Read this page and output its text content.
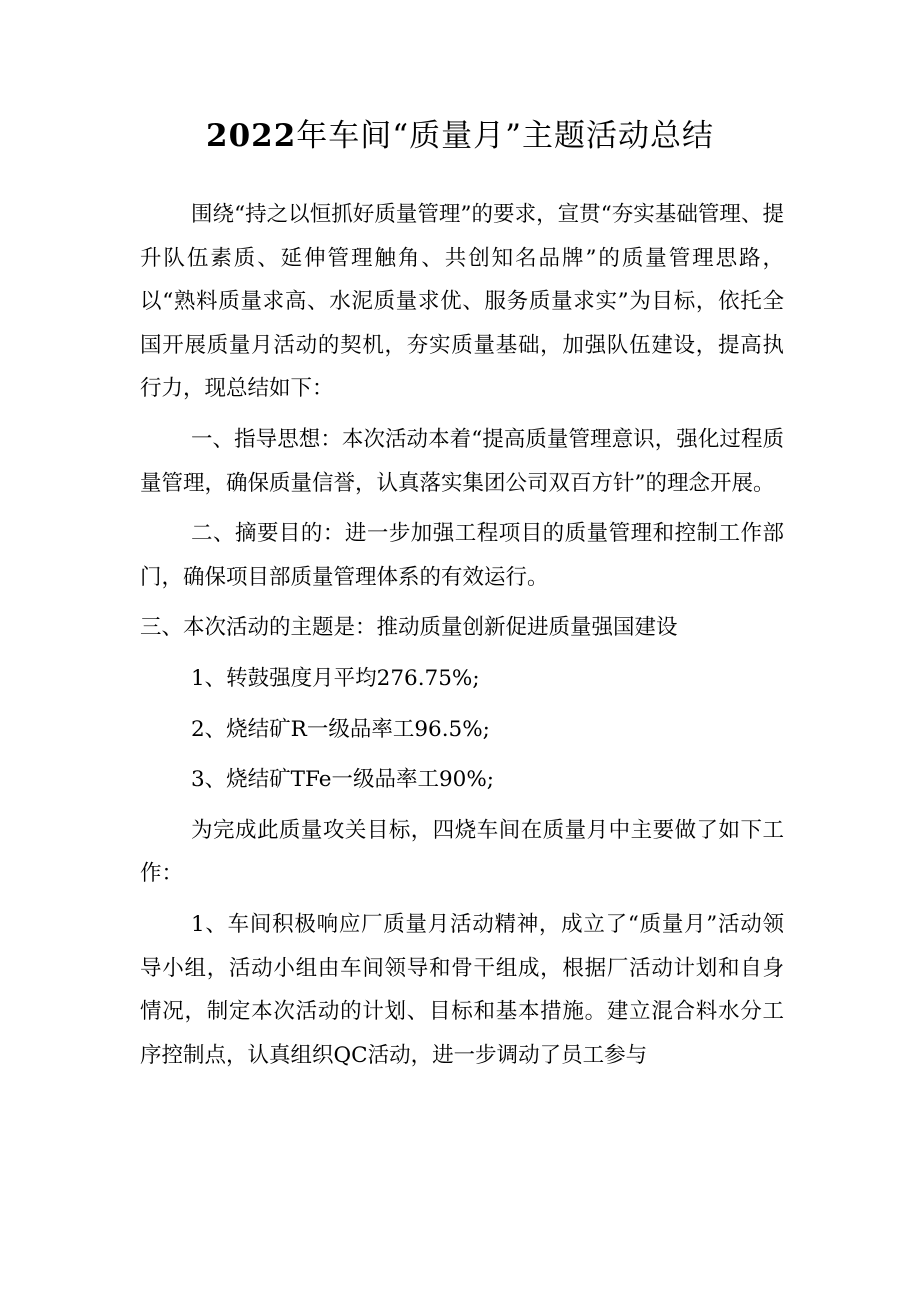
2022年车间“质量月”主题活动总结

围绕“持之以恒抓好质量管理”的要求，宣贯“夯实基础管理、提升队伍素质、延伸管理触角、共创知名品牌”的质量管理思路，以“熟料质量求高、水泥质量求优、服务质量求实”为目标，依托全国开展质量月活动的契机，夯实质量基础，加强队伍建设，提高执行力，现总结如下：

一、指导思想：本次活动本着“提高质量管理意识，强化过程质量管理，确保质量信誉，认真落实集团公司双百方针”的理念开展。

二、摘要目的：进一步加强工程项目的质量管理和控制工作部门，确保项目部质量管理体系的有效运行。

三、本次活动的主题是：推动质量创新促进质量强国建设

1、转鼓强度月平均276.75%;

2、烧结矿R一级品率工96.5%;

3、烧结矿TFe一级品率工90%;

为完成此质量攻关目标，四烧车间在质量月中主要做了如下工作：

1、车间积极响应厂质量月活动精神，成立了“质量月”活动领导小组，活动小组由车间领导和骨干组成，根据厂活动计划和自身情况，制定本次活动的计划、目标和基本措施。建立混合料水分工序控制点，认真组织QC活动，进一步调动了员工参与
